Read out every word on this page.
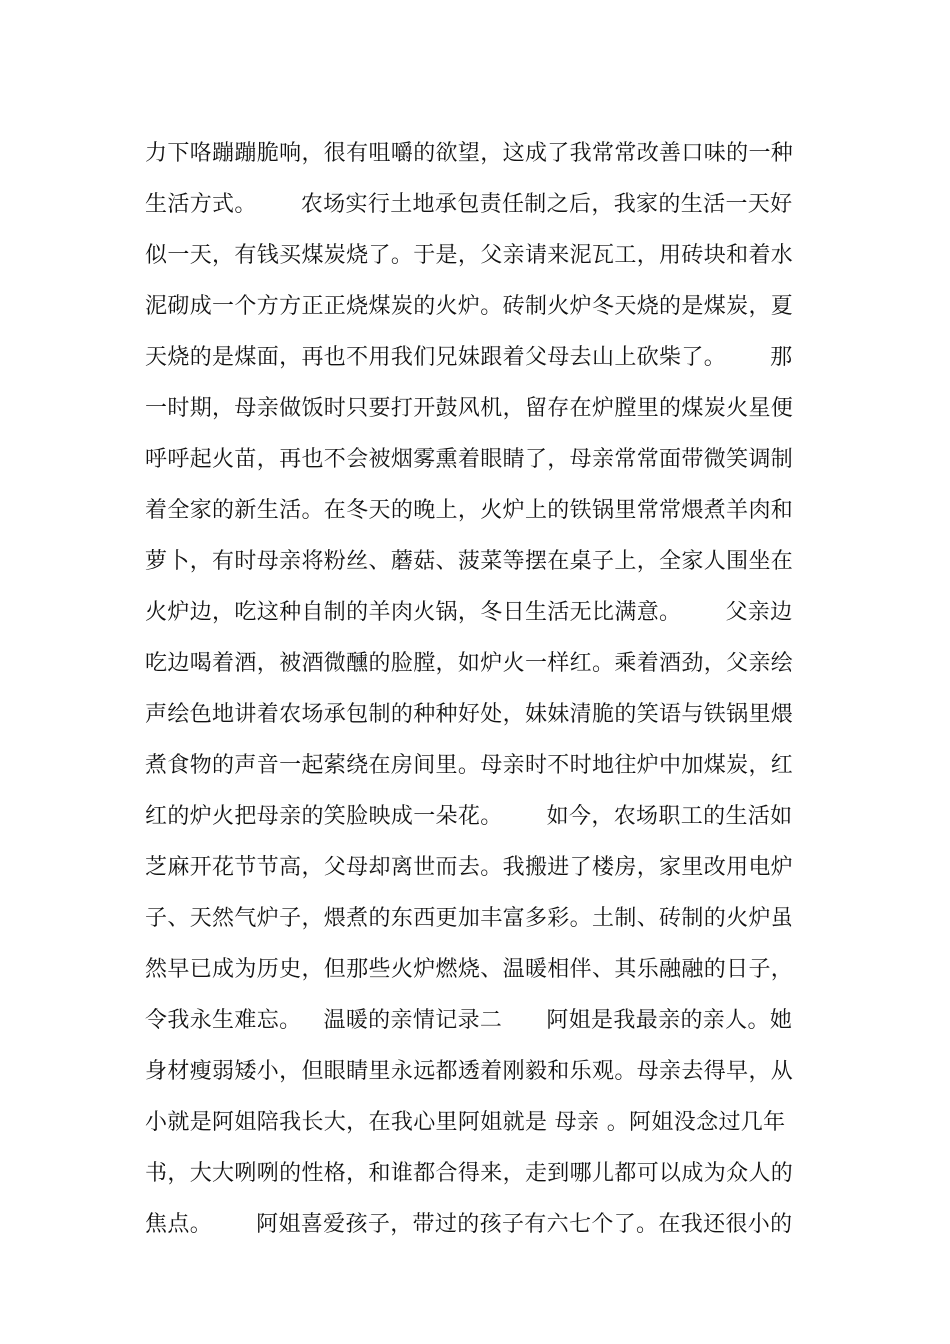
力下咯蹦蹦脆响，很有咀嚼的欲望，这成了我常常改善口味的一种
生活方式。      农场实行土地承包责任制之后，我家的生活一天好
似一天，有钱买煤炭烧了。于是，父亲请来泥瓦工，用砖块和着水
泥砌成一个方方正正烧煤炭的火炉。砖制火炉冬天烧的是煤炭，夏
天烧的是煤面，再也不用我们兄妹跟着父母去山上砍柴了。      那
一时期，母亲做饭时只要打开鼓风机，留存在炉膛里的煤炭火星便
呼呼起火苗，再也不会被烟雾熏着眼睛了，母亲常常面带微笑调制
着全家的新生活。在冬天的晚上，火炉上的铁锅里常常煨煮羊肉和
萝卜，有时母亲将粉丝、蘑菇、菠菜等摆在桌子上，全家人围坐在
火炉边，吃这种自制的羊肉火锅，冬日生活无比满意。      父亲边
吃边喝着酒，被酒微醺的脸膛，如炉火一样红。乘着酒劲，父亲绘
声绘色地讲着农场承包制的种种好处，妹妹清脆的笑语与铁锅里煨
煮食物的声音一起萦绕在房间里。母亲时不时地往炉中加煤炭，红
红的炉火把母亲的笑脸映成一朵花。      如今，农场职工的生活如
芝麻开花节节高，父母却离世而去。我搬进了楼房，家里改用电炉
子、天然气炉子，煨煮的东西更加丰富多彩。土制、砖制的火炉虽
然早已成为历史，但那些火炉燃烧、温暖相伴、其乐融融的日子，
令我永生难忘。   温暖的亲情记录二      阿姐是我最亲的亲人。她
身材瘦弱矮小，但眼睛里永远都透着刚毅和乐观。母亲去得早，从
小就是阿姐陪我长大，在我心里阿姐就是 母亲 。阿姐没念过几年
书，大大咧咧的性格，和谁都合得来，走到哪儿都可以成为众人的
焦点。      阿姐喜爱孩子，带过的孩子有六七个了。在我还很小的
